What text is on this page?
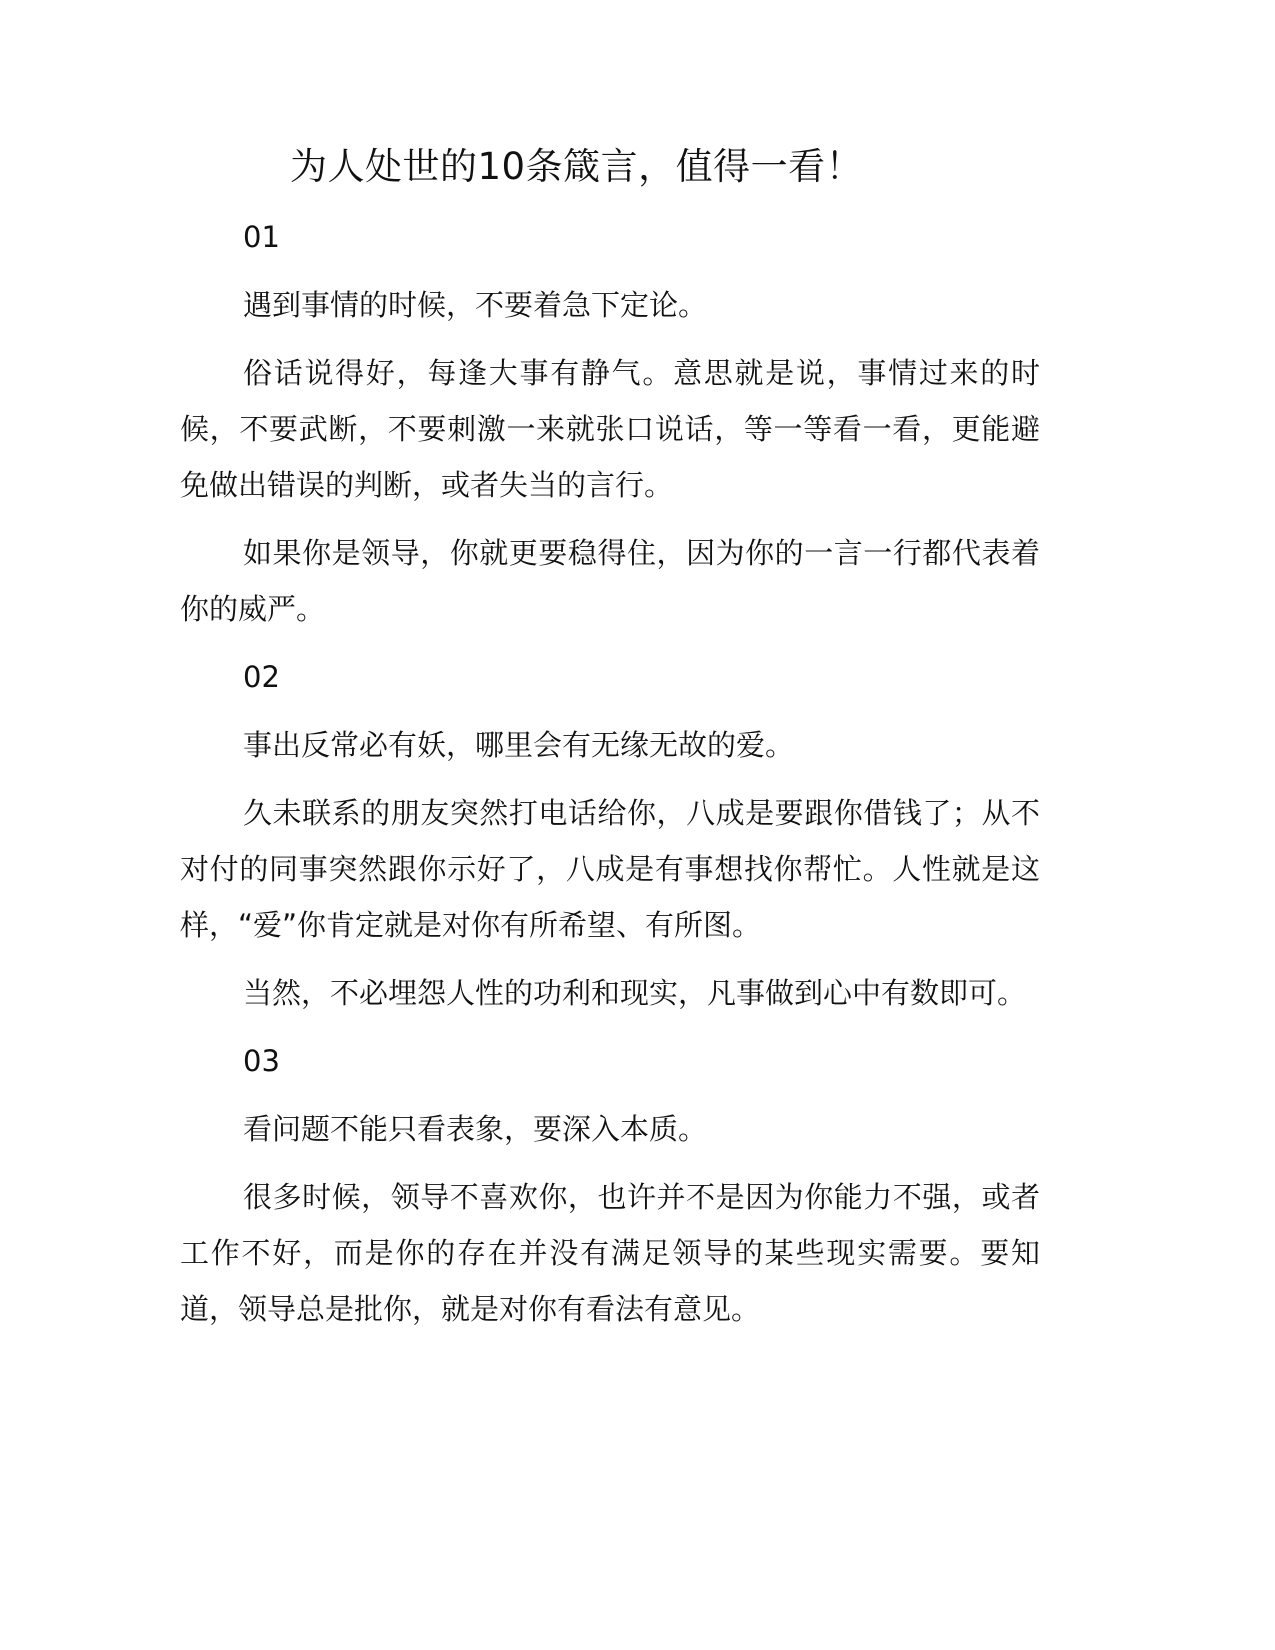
为人处世的10条箴言，值得一看！
01

遇到事情的时候，不要着急下定论。

俗话说得好，每逢大事有静气。意思就是说，事情过来的时候，不要武断，不要刺激一来就张口说话，等一等看一看，更能避免做出错误的判断，或者失当的言行。

如果你是领导，你就更要稳得住，因为你的一言一行都代表着你的威严。

02

事出反常必有妖，哪里会有无缘无故的爱。

久未联系的朋友突然打电话给你，八成是要跟你借钱了；从不对付的同事突然跟你示好了，八成是有事想找你帮忙。人性就是这样，“爱”你肯定就是对你有所希望、有所图。

当然，不必埋怨人性的功利和现实，凡事做到心中有数即可。

03

看问题不能只看表象，要深入本质。

很多时候，领导不喜欢你，也许并不是因为你能力不强，或者工作不好，而是你的存在并没有满足领导的某些现实需要。要知道，领导总是批你，就是对你有看法有意见。
